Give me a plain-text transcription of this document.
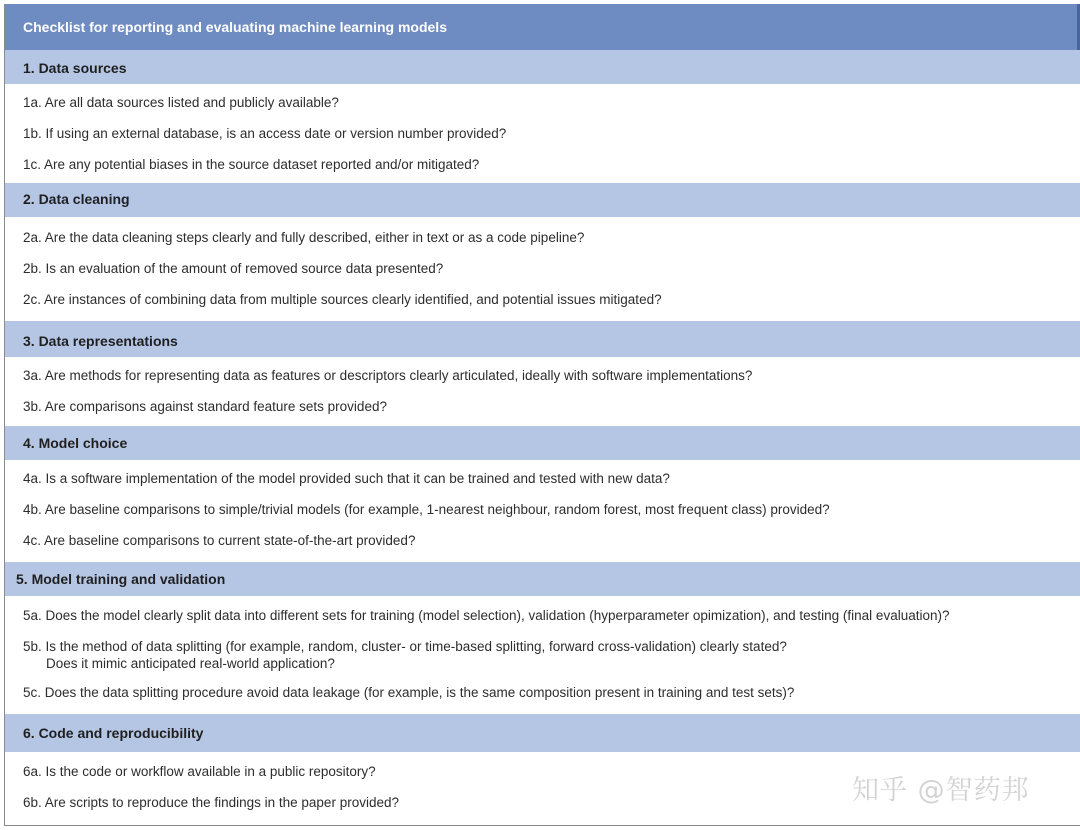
Checklist for reporting and evaluating machine learning models
1. Data sources
1a. Are all data sources listed and publicly available?
1b. If using an external database, is an access date or version number provided?
1c. Are any potential biases in the source dataset reported and/or mitigated?
2. Data cleaning
2a. Are the data cleaning steps clearly and fully described, either in text or as a code pipeline?
2b. Is an evaluation of the amount of removed source data presented?
2c. Are instances of combining data from multiple sources clearly identified, and potential issues mitigated?
3. Data representations
3a. Are methods for representing data as features or descriptors clearly articulated, ideally with software implementations?
3b. Are comparisons against standard feature sets provided?
4. Model choice
4a. Is a software implementation of the model provided such that it can be trained and tested with new data?
4b. Are baseline comparisons to simple/trivial models (for example, 1-nearest neighbour, random forest, most frequent class) provided?
4c. Are baseline comparisons to current state-of-the-art provided?
5. Model training and validation
5a. Does the model clearly split data into different sets for training (model selection), validation (hyperparameter opimization), and testing (final evaluation)?
5b. Is the method of data splitting (for example, random, cluster- or time-based splitting, forward cross-validation) clearly stated?
Does it mimic anticipated real-world application?
5c. Does the data splitting procedure avoid data leakage (for example, is the same composition present in training and test sets)?
6. Code and reproducibility
6a. Is the code or workflow available in a public repository?
6b. Are scripts to reproduce the findings in the paper provided?	知乎 @智药邦
